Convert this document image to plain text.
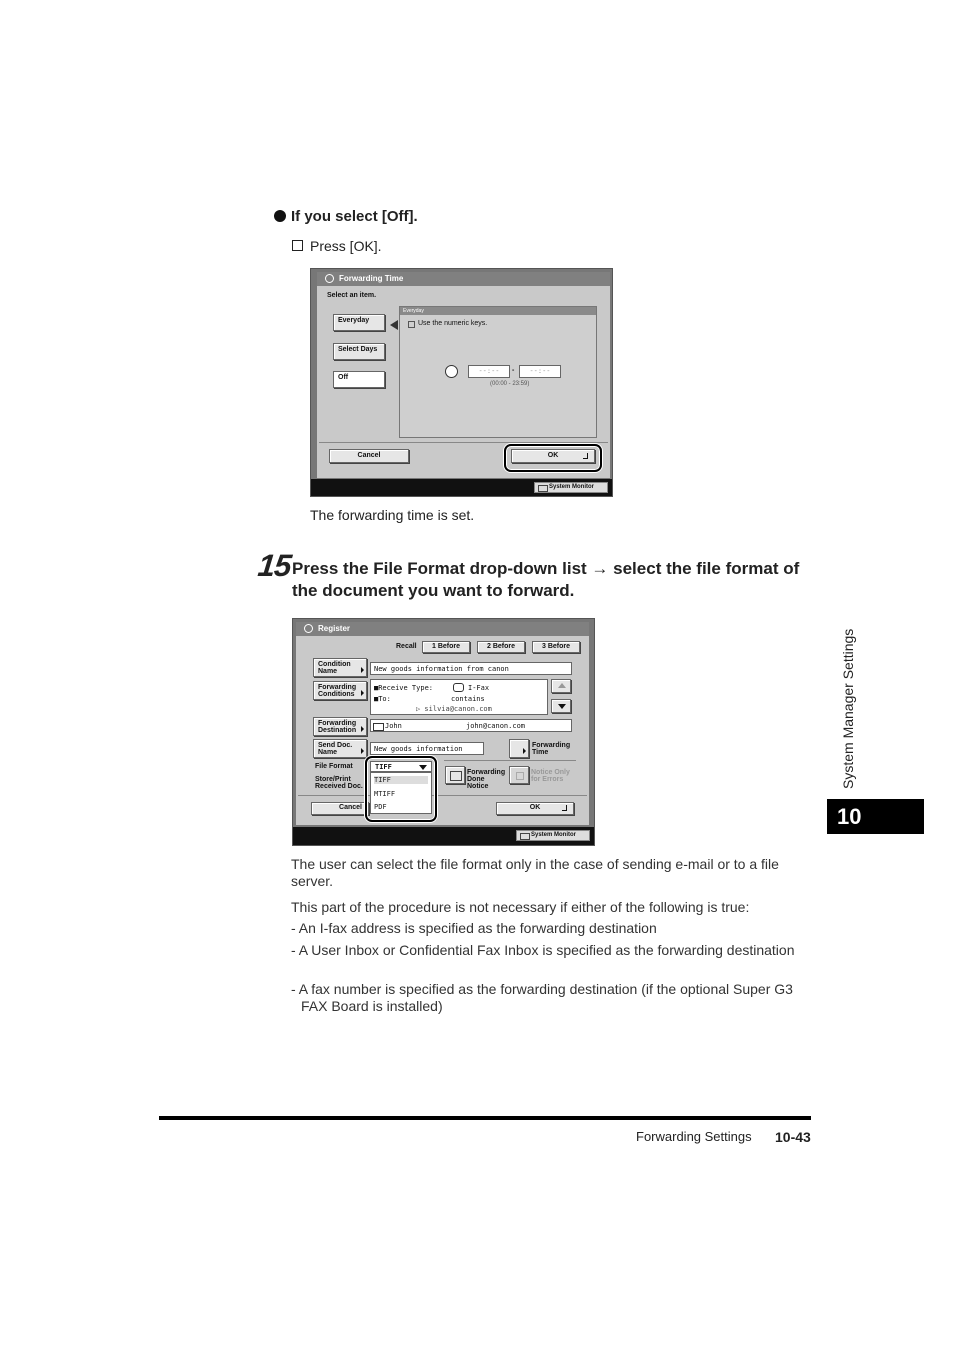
If you select [Off].
Press [OK].
Forwarding Time
Select an item.
Everyday
Select Days
Off
Everyday
Use the numeric keys.
--:--	-	--:--
(00:00 - 23:59)
Cancel	OK
System Monitor
The forwarding time is set.
15 Press the File Format drop-down list → select the file format of the document you want to forward.
Register
Recall	1 Before	2 Before	3 Before
Condition Name	New goods information from canon
Forwarding Conditions
■Receive Type:	I-Fax
■To:	contains
▷ silvia@canon.com
Forwarding Destination
John	john@canon.com
Send Doc. Name	New goods information	Forwarding Time
File Format
Store/Print Received Doc.
Forwarding Done Notice
Notice Only for Errors
Cancel	OK
TIFF
TIFF
MTIFF
PDF
System Monitor
The user can select the file format only in the case of sending e-mail or to a file server.
This part of the procedure is not necessary if either of the following is true:
- An I-fax address is specified as the forwarding destination
- A User Inbox or Confidential Fax Inbox is specified as the forwarding destination
- A fax number is specified as the forwarding destination (if the optional Super G3 FAX Board is installed)
System Manager Settings
10
Forwarding Settings 10-43
